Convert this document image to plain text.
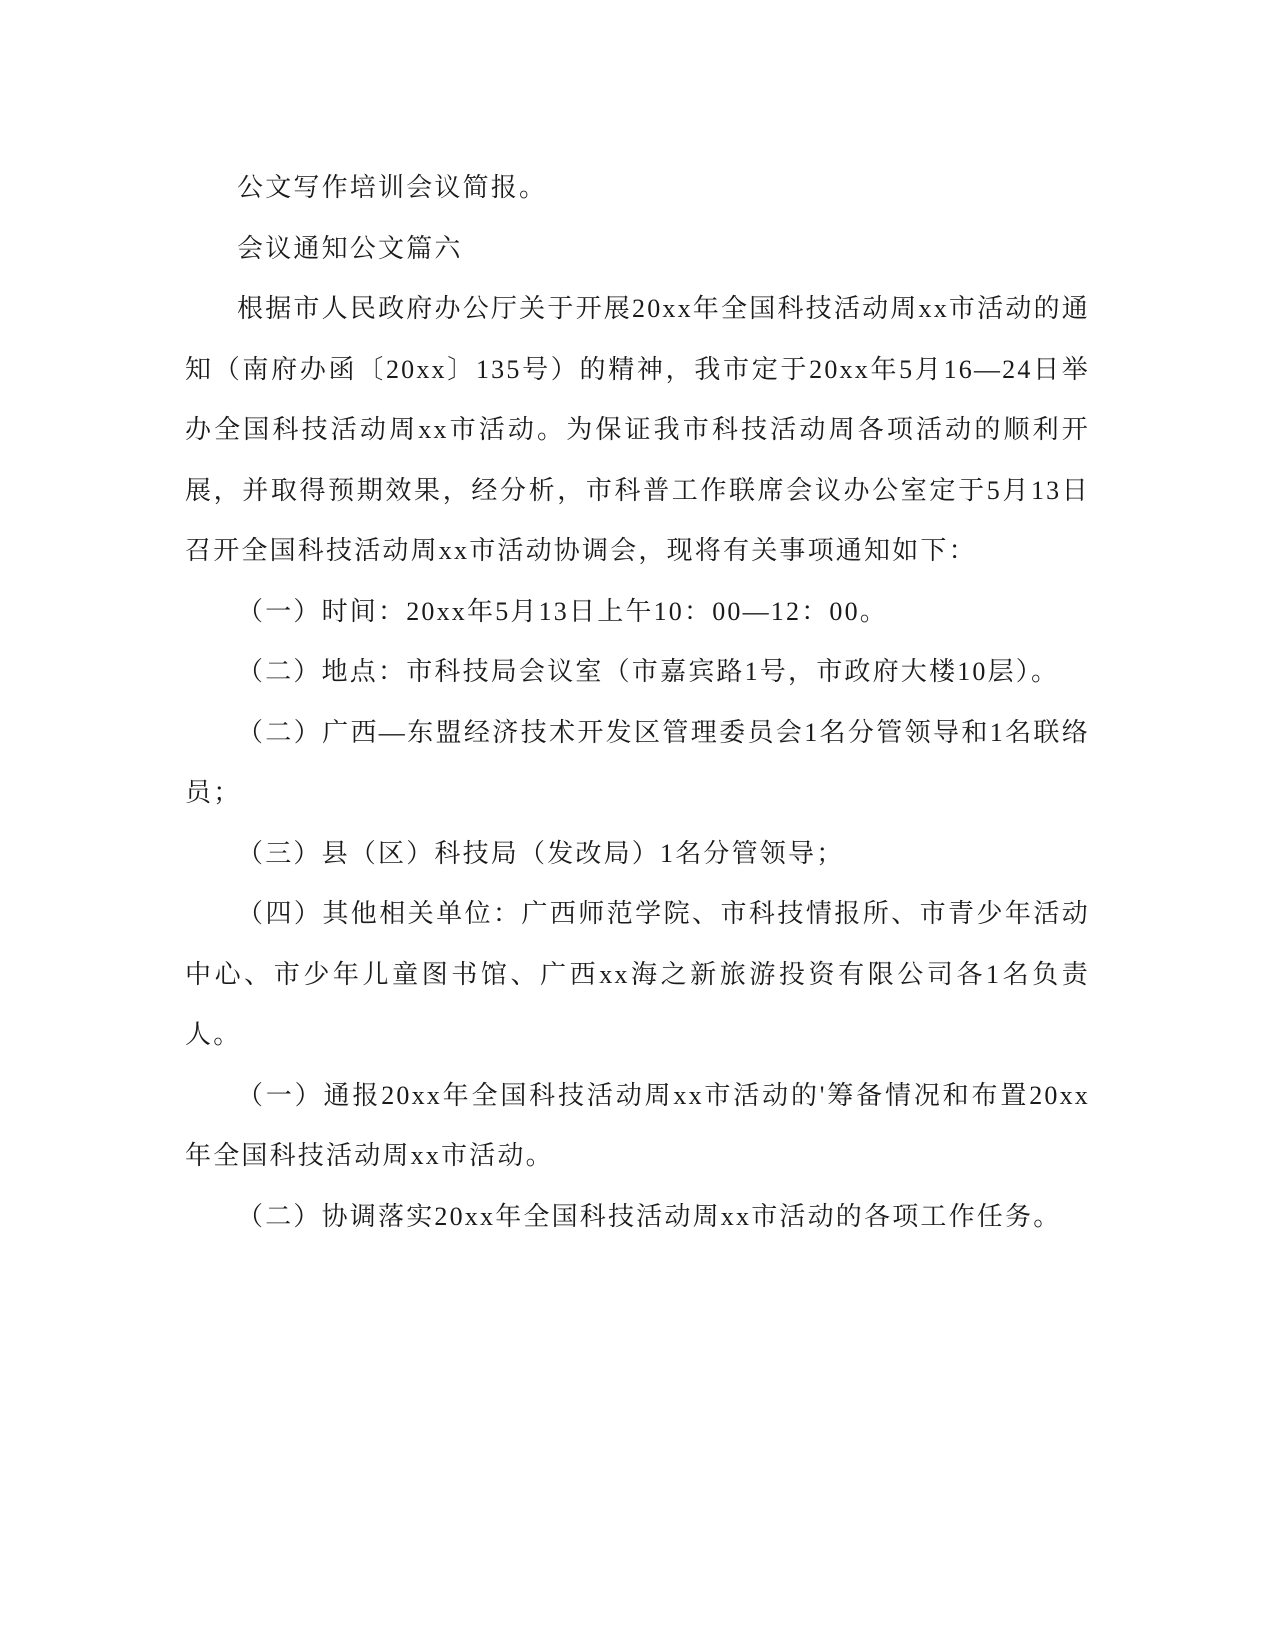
公文写作培训会议简报。

会议通知公文篇六

根据市人民政府办公厅关于开展20xx年全国科技活动周xx市活动的通知（南府办函〔20xx〕135号）的精神，我市定于20xx年5月16—24日举办全国科技活动周xx市活动。为保证我市科技活动周各项活动的顺利开展，并取得预期效果，经分析，市科普工作联席会议办公室定于5月13日召开全国科技活动周xx市活动协调会，现将有关事项通知如下：

（一）时间：20xx年5月13日上午10：00—12：00。

（二）地点：市科技局会议室（市嘉宾路1号，市政府大楼10层）。

（二）广西—东盟经济技术开发区管理委员会1名分管领导和1名联络员；

（三）县（区）科技局（发改局）1名分管领导；

（四）其他相关单位：广西师范学院、市科技情报所、市青少年活动中心、市少年儿童图书馆、广西xx海之新旅游投资有限公司各1名负责人。

（一）通报20xx年全国科技活动周xx市活动的'筹备情况和布置20xx年全国科技活动周xx市活动。

（二）协调落实20xx年全国科技活动周xx市活动的各项工作任务。
